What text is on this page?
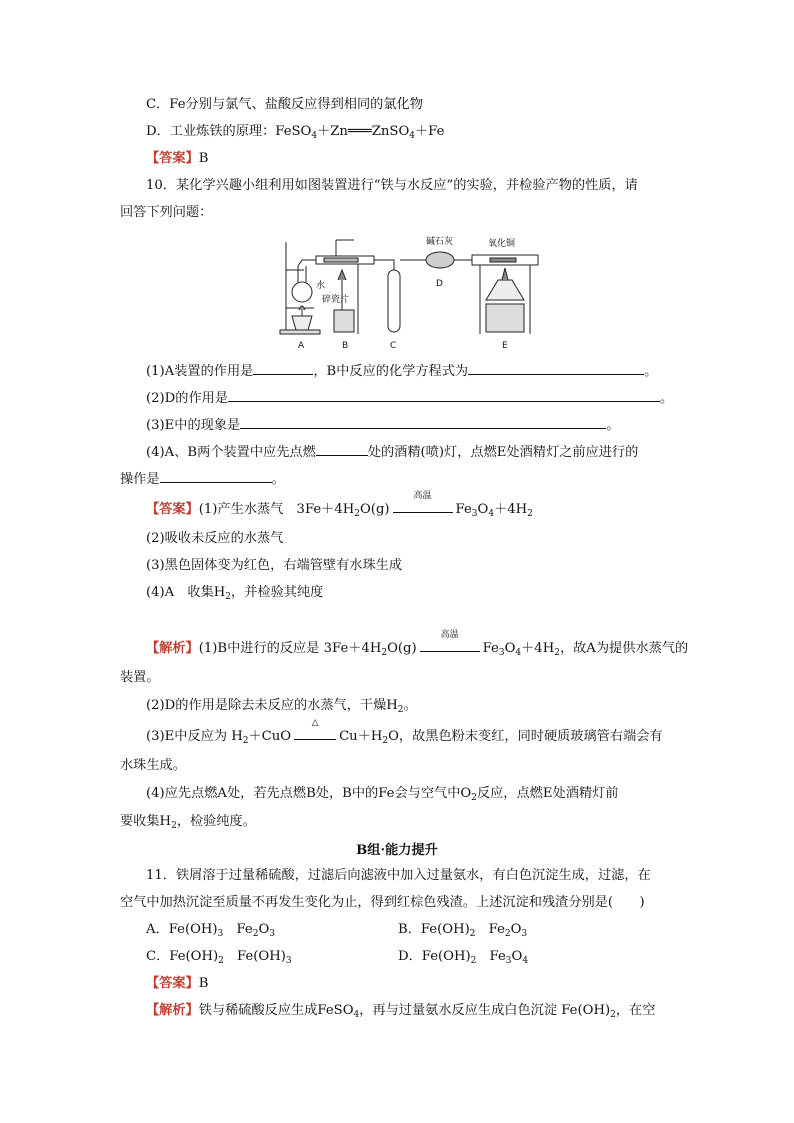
C．Fe分别与氯气、盐酸反应得到相同的氯化物
D．工业炼铁的原理：FeSO$_4$＋Zn═══ZnSO$_4$＋Fe
【答案】B
10．某化学兴趣小组利用如图装置进行“铁与水反应”的实验，并检验产物的性质，请
回答下列问题：
A	B	C
D
E
水
碎瓷片
碱石灰	氧化铜
(1)A装置的作用是	，B中反应的化学方程式为	。
(2)D的作用是	。
(3)E中的现象是	。
(4)A、B两个装置中应先点燃	处的酒精(喷)灯，点燃E处酒精灯之前应进行的
操作是	。
【答案】(1)产生水蒸气　$3Fe+4H_2O(g)$
高温
$Fe_3O_4+4H_2$
(2)吸收未反应的水蒸气
(3)黑色固体变为红色，右端管壁有水珠生成
(4)A　收集$H_2$，并检验其纯度
【解析】(1)B中进行的反应是 $3Fe+4H_2O(g)$
高温
$Fe_3O_4+4H_2$，故A为提供水蒸气的
装置。
(2)D的作用是除去未反应的水蒸气，干燥$H_2$。
(3)E中反应为 $H_2+CuO$
△
$Cu+H_2O$，故黑色粉末变红，同时硬质玻璃管右端会有
水珠生成。
(4)应先点燃A处，若先点燃B处，B中的Fe会与空气中$O_2$反应，点燃E处酒精灯前
要收集$H_2$，检验纯度。
B组·能力提升
11．铁屑溶于过量稀硫酸，过滤后向滤液中加入过量氨水，有白色沉淀生成，过滤，在
空气中加热沉淀至质量不再发生变化为止，得到红棕色残渣。上述沉淀和残渣分别是(　　)
A．$Fe(OH)_3$　$Fe_2O_3$	B．$Fe(OH)_2$　$Fe_2O_3$
C．$Fe(OH)_2$　$Fe(OH)_3$	D．$Fe(OH)_2$　$Fe_3O_4$
【答案】B
【解析】铁与稀硫酸反应生成FeSO$_4$，再与过量氨水反应生成白色沉淀 $Fe(OH)_2$，在空
